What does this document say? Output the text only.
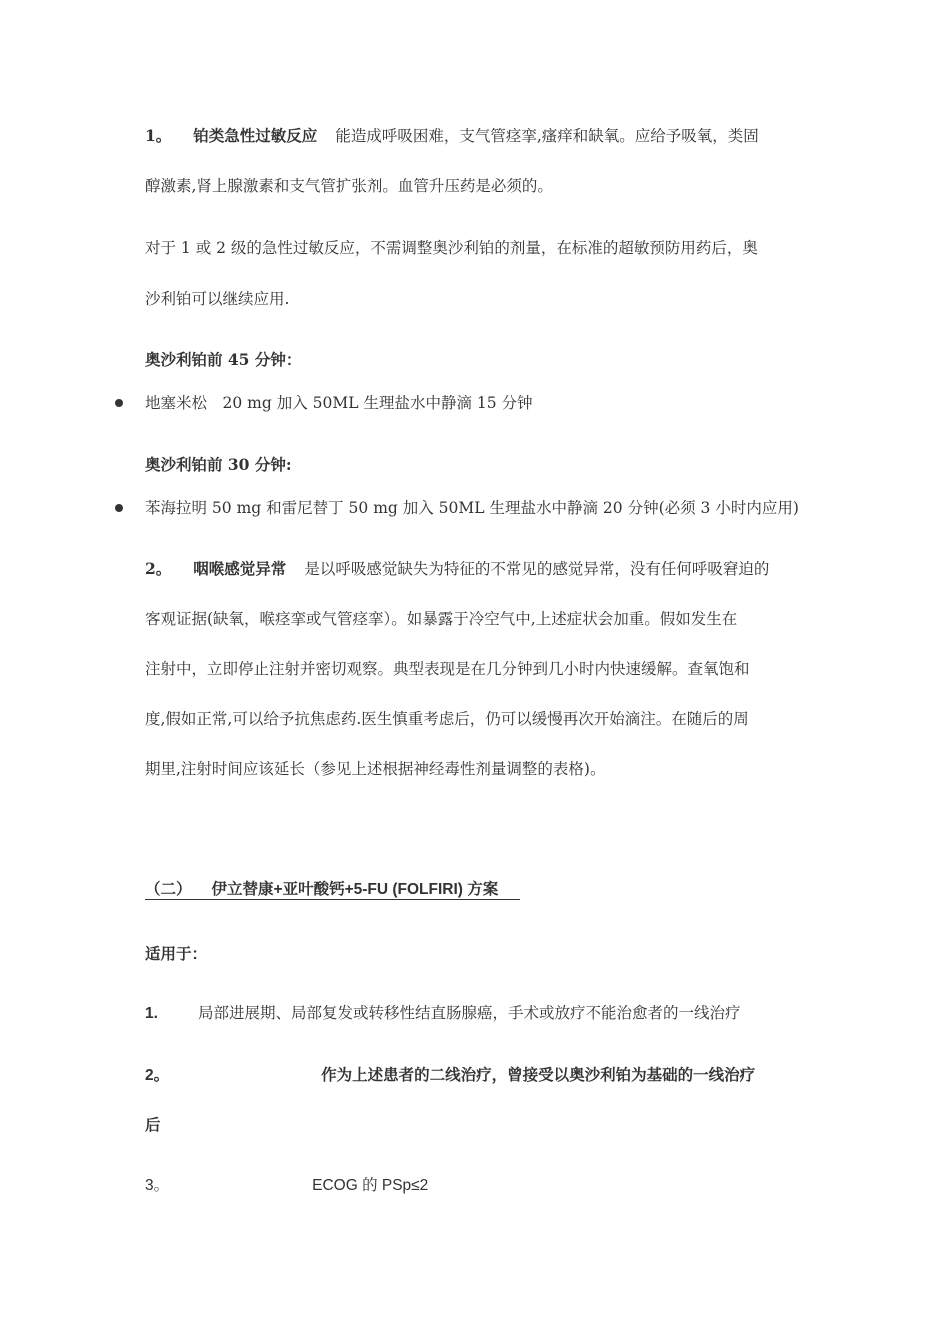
1。 铂类急性过敏反应 能造成呼吸困难，支气管痉挛,瘙痒和缺氧。应给予吸氧，类固
醇激素,肾上腺激素和支气管扩张剂。血管升压药是必须的。
对于 1 或 2 级的急性过敏反应，不需调整奥沙利铂的剂量，在标准的超敏预防用药后，奥
沙利铂可以继续应用.
奥沙利铂前 45 分钟：
地塞米松　20 mg 加入 50ML 生理盐水中静滴 15 分钟
奥沙利铂前 30 分钟:
苯海拉明 50 mg 和雷尼替丁 50 mg 加入 50ML 生理盐水中静滴 20 分钟(必须 3 小时内应用)
2。 咽喉感觉异常 是以呼吸感觉缺失为特征的不常见的感觉异常，没有任何呼吸窘迫的
客观证据(缺氧，喉痉挛或气管痉挛）。如暴露于冷空气中,上述症状会加重。假如发生在
注射中，立即停止注射并密切观察。典型表现是在几分钟到几小时内快速缓解。查氧饱和
度,假如正常,可以给予抗焦虑药.医生慎重考虑后，仍可以缓慢再次开始滴注。在随后的周
期里,注射时间应该延长（参见上述根据神经毒性剂量调整的表格)。
（二） 伊立替康+亚叶酸钙+5-FU (FOLFIRI) 方案
适用于：
1.	局部进展期、局部复发或转移性结直肠腺癌，手术或放疗不能治愈者的一线治疗
2。	作为上述患者的二线治疗，曾接受以奥沙利铂为基础的一线治疗
后
3。	ECOG 的 PSp≤2
